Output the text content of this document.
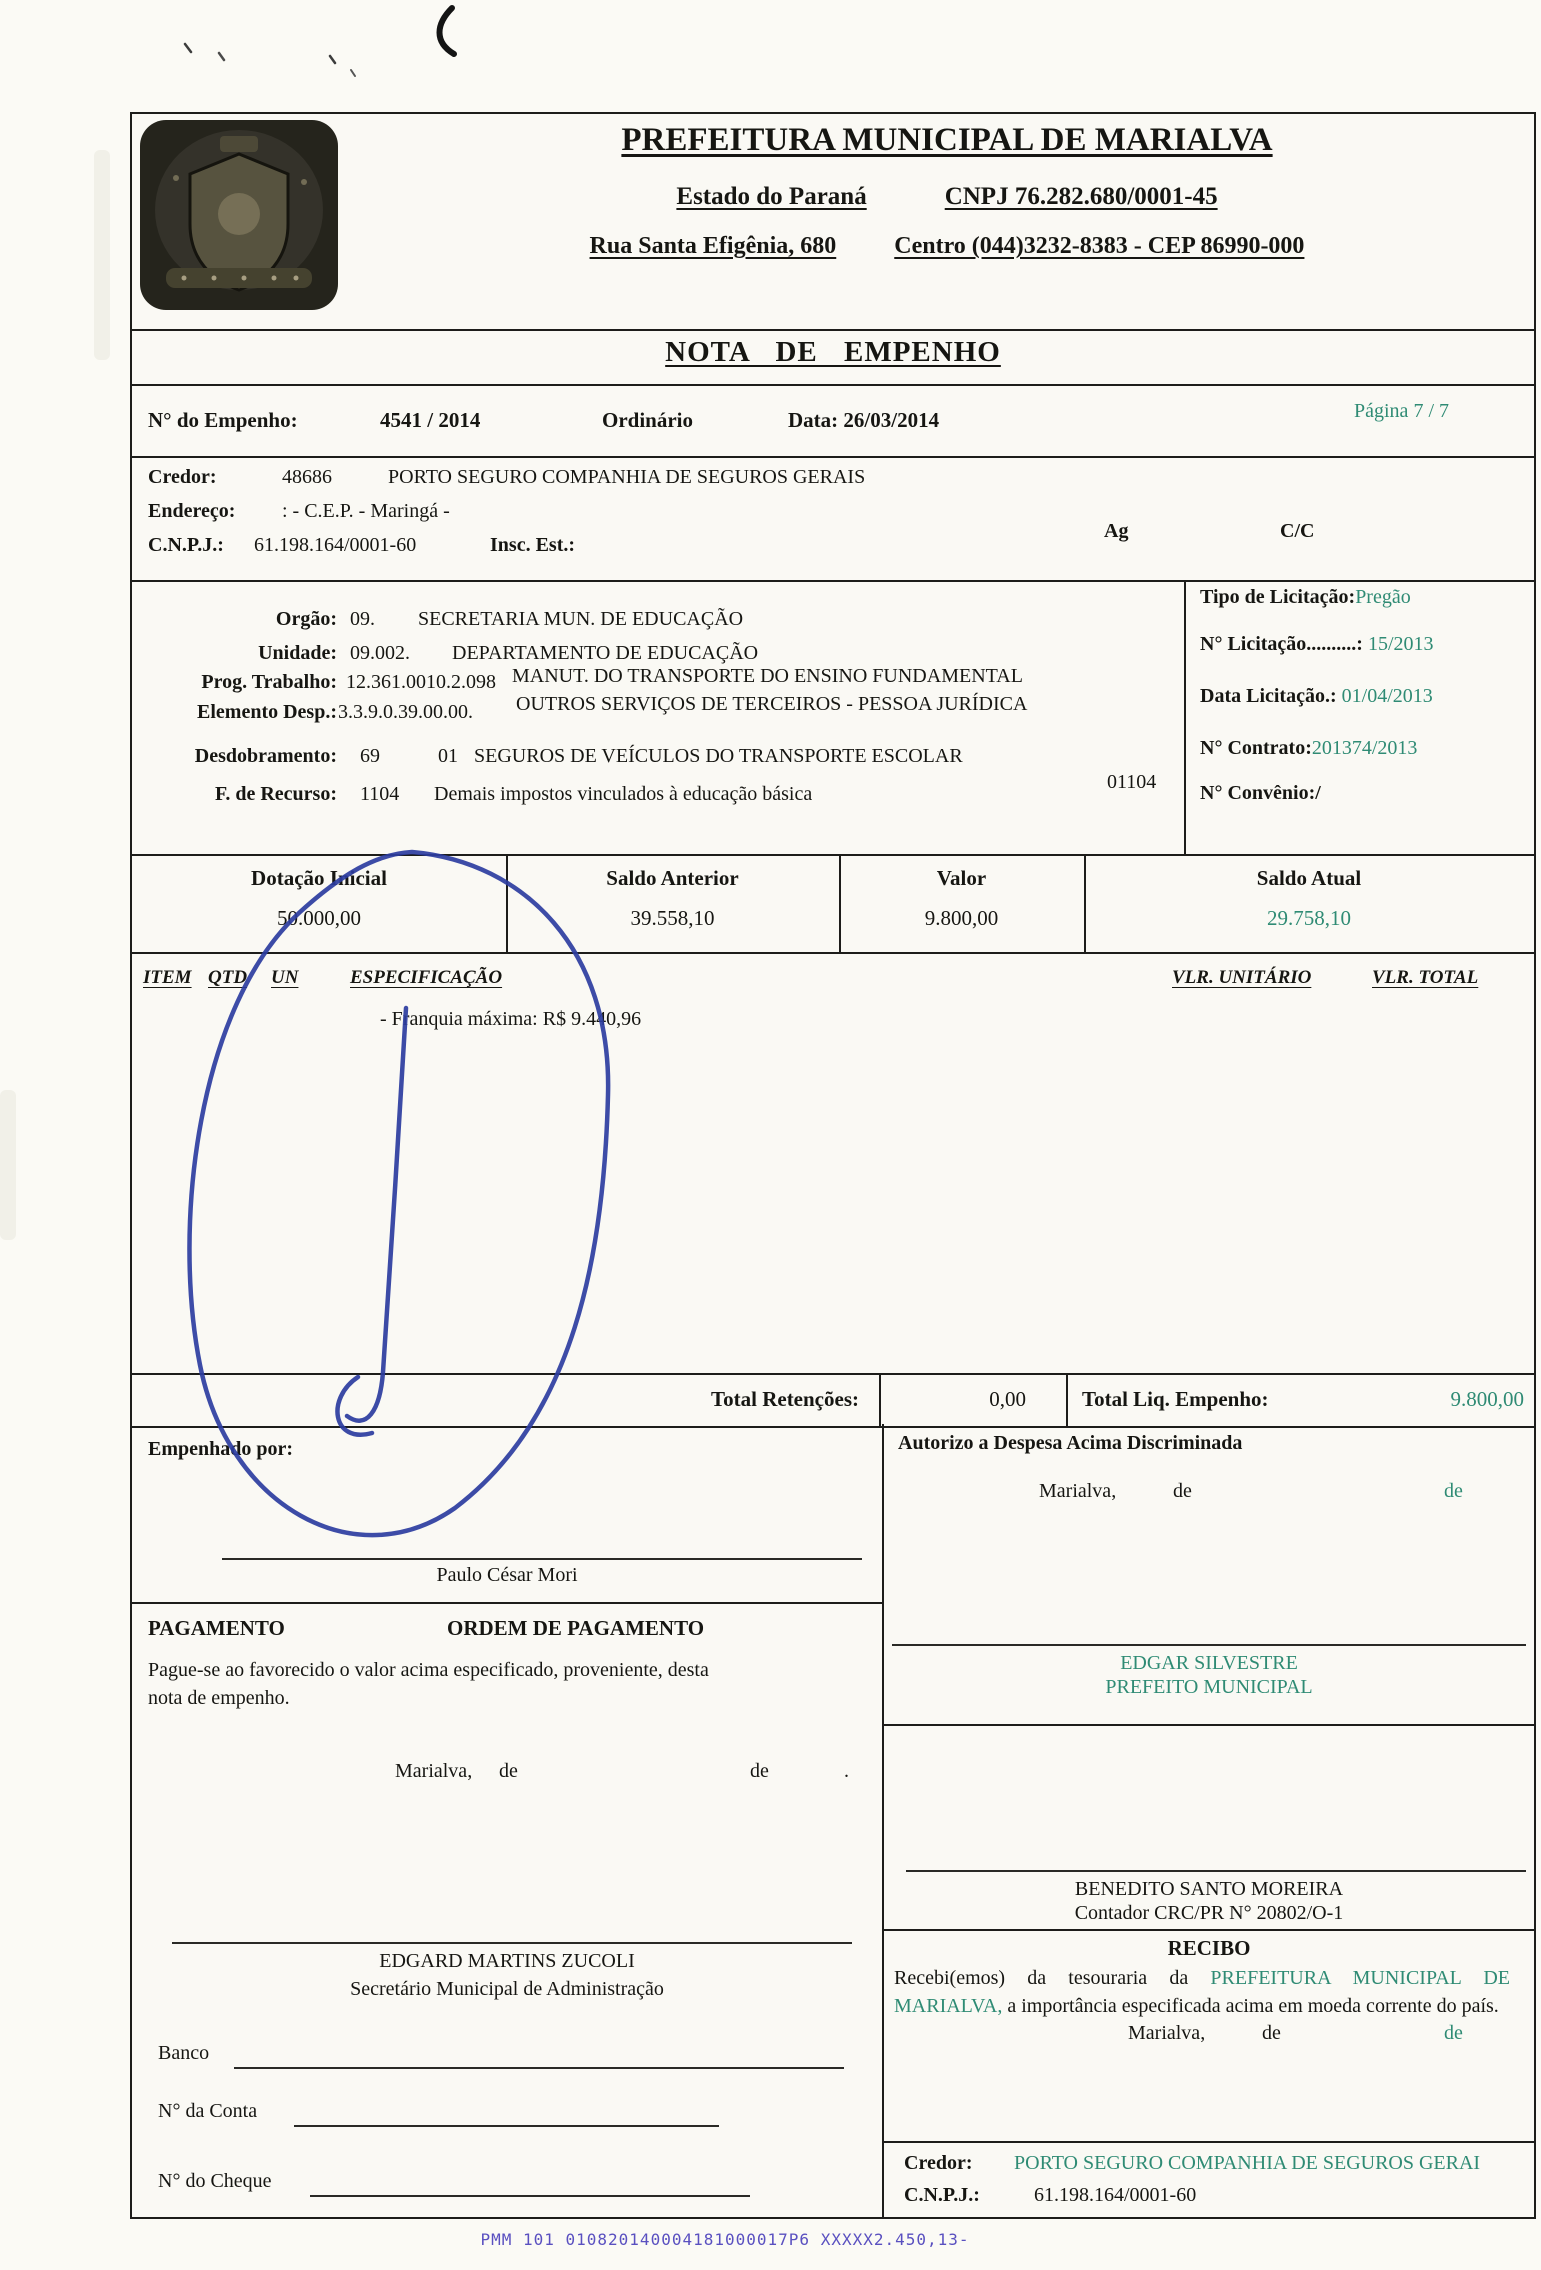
PREFEITURA MUNICIPAL DE MARIALVA
Estado do Paraná	CNPJ 76.282.680/0001-45
Rua Santa Efigênia, 680 Centro (044)3232-8383 - CEP 86990-000
NOTA DE EMPENHO
N° do Empenho:	4541 / 2014	Ordinário	Data: 26/03/2014	Página 7 / 7
Credor:	48686	PORTO SEGURO COMPANHIA DE SEGUROS GERAIS
Endereço: : - C.E.P. - Maringá -
C.N.P.J.: 61.198.164/0001-60	Insc. Est.:
Ag	C/C
Orgão: 09. SECRETARIA MUN. DE EDUCAÇÃO
Unidade: 09.002. DEPARTAMENTO DE EDUCAÇÃO
Prog. Trabalho: 12.361.0010.2.098 MANUT. DO TRANSPORTE DO ENSINO FUNDAMENTAL
Elemento Desp.: 3.3.9.0.39.00.00. OUTROS SERVIÇOS DE TERCEIROS - PESSOA JURÍDICA
Desdobramento: 69	01 SEGUROS DE VEÍCULOS DO TRANSPORTE ESCOLAR
F. de Recurso: 1104 Demais impostos vinculados à educação básica
01104
Tipo de Licitação:Pregão
N° Licitação..........: 15/2013
Data Licitação.: 01/04/2013
N° Contrato:201374/2013
N° Convênio:/
Dotação Inicial	Saldo Anterior	Valor	Saldo Atual
50.000,00	39.558,10	9.800,00	29.758,10
ITEM QTD UN	ESPECIFICAÇÃO	VLR. UNITÁRIO	VLR. TOTAL
- Franquia máxima: R$ 9.440,96
Total Retenções:	0,00	Total Liq. Empenho:	9.800,00
Empenhado por:
Paulo César Mori
PAGAMENTO	ORDEM DE PAGAMENTO
Pague-se ao favorecido o valor acima especificado, proveniente, desta nota de empenho.
Marialva, de	de	.
EDGARD MARTINS ZUCOLI
Secretário Municipal de Administração
Banco
N° da Conta
N° do Cheque
Autorizo a Despesa Acima Discriminada
Marialva,	de	de
EDGAR SILVESTRE
PREFEITO MUNICIPAL
BENEDITO SANTO MOREIRA
Contador CRC/PR N° 20802/O-1
RECIBO
Recebi(emos) da tesouraria da PREFEITURA MUNICIPAL DE MARIALVA, a importância especificada acima em moeda corrente do país.
Marialva,	de	de
Credor: PORTO SEGURO COMPANHIA DE SEGUROS GERAI
C.N.P.J.:	61.198.164/0001-60
PMM 101 010820140004181000017P6 XXXXX2.450,13-
